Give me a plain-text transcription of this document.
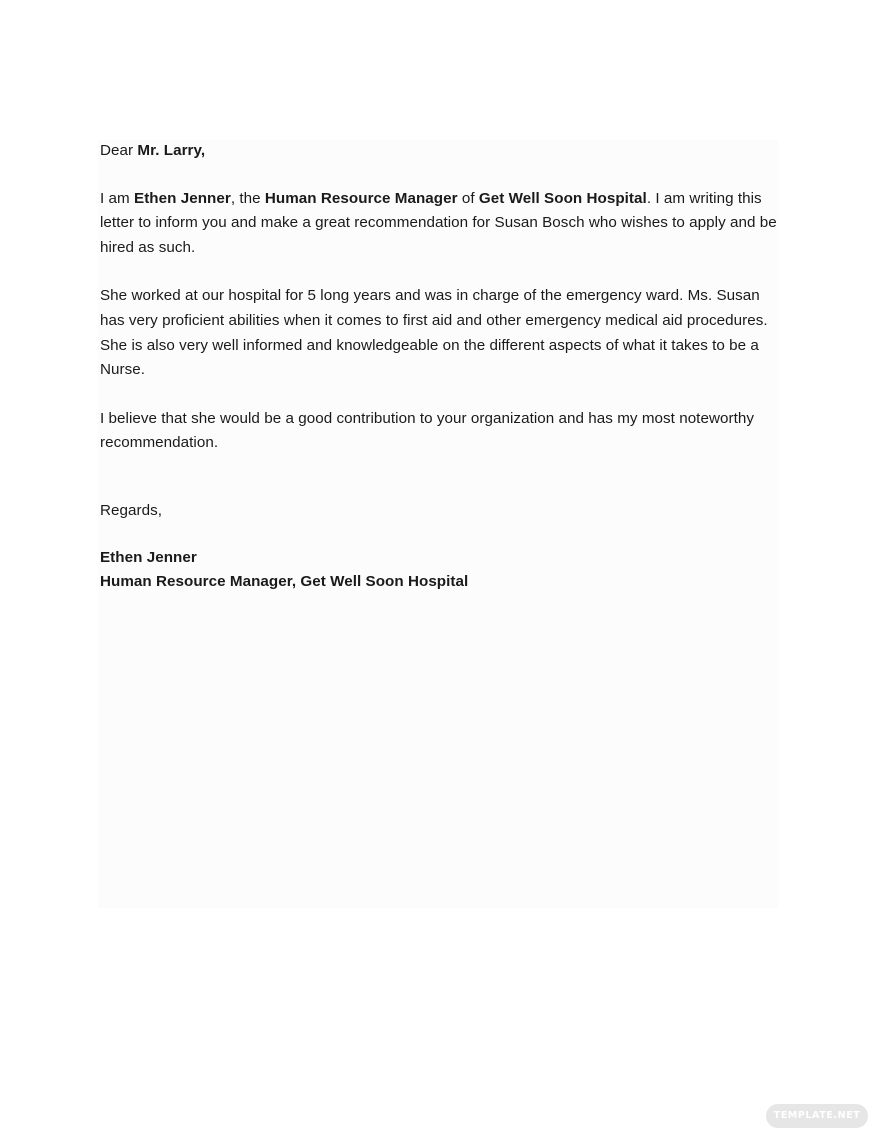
Dear Mr. Larry,

I am Ethen Jenner, the Human Resource Manager of Get Well Soon Hospital. I am writing this letter to inform you and make a great recommendation for Susan Bosch who wishes to apply and be hired as such.

She worked at our hospital for 5 long years and was in charge of the emergency ward. Ms. Susan has very proficient abilities when it comes to first aid and other emergency medical aid procedures. She is also very well informed and knowledgeable on the different aspects of what it takes to be a Nurse.

I believe that she would be a good contribution to your organization and has my most noteworthy recommendation.

Regards,

Ethen Jenner

Human Resource Manager, Get Well Soon Hospital

TEMPLATE.NET
